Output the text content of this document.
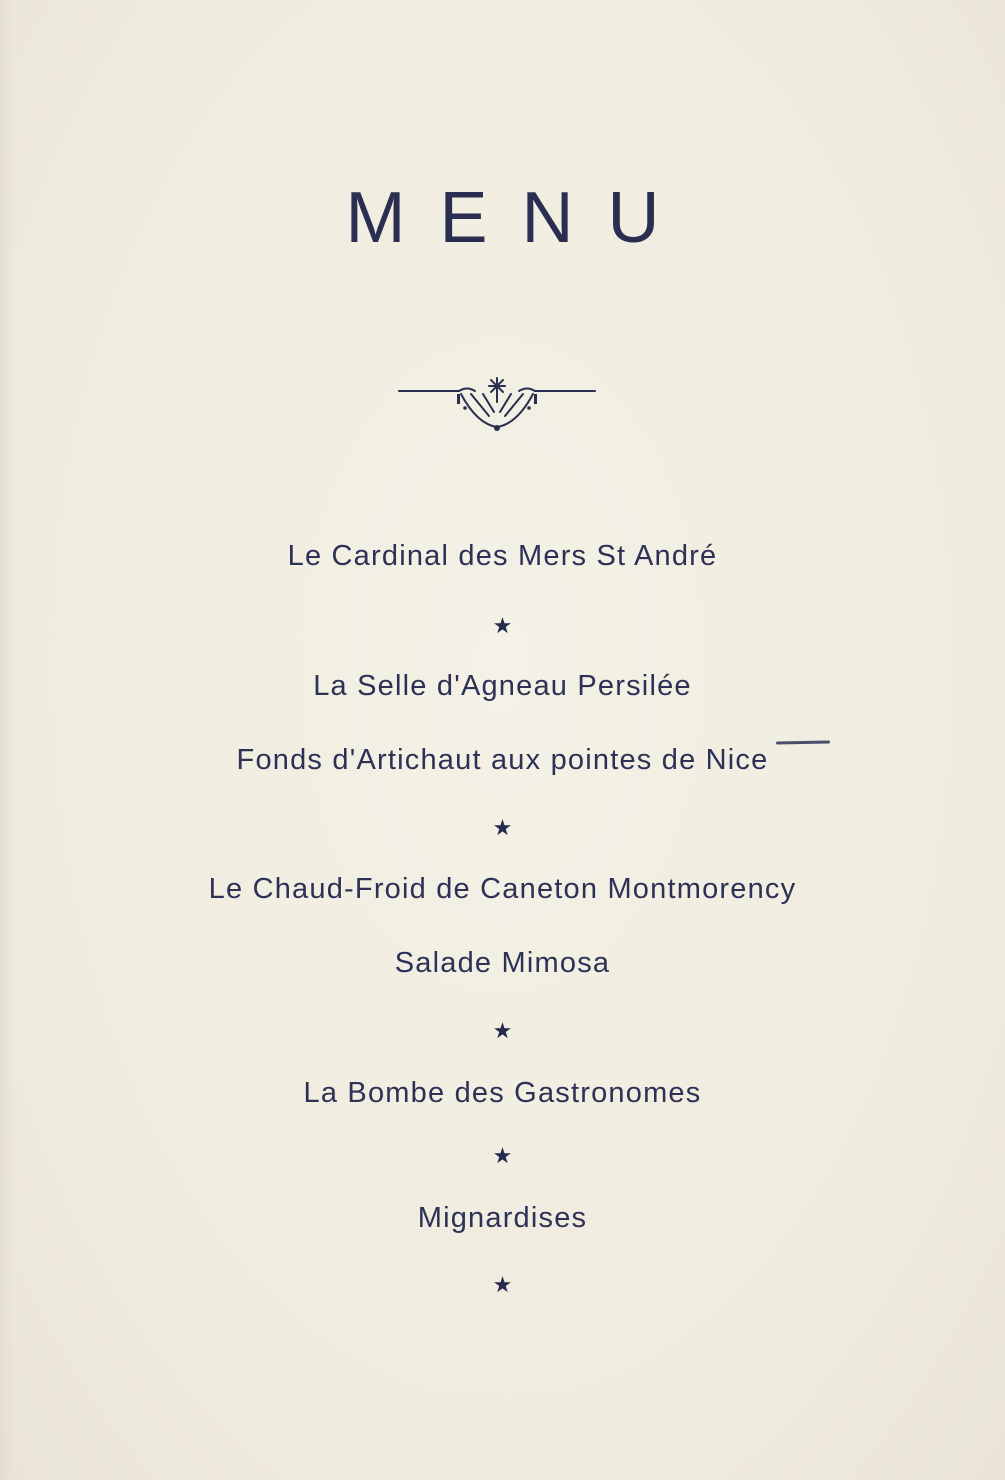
MENU
Le Cardinal des Mers St André
★
La Selle d'Agneau Persilée
Fonds d'Artichaut aux pointes de Nice
★
Le Chaud-Froid de Caneton Montmorency
Salade Mimosa
★
La Bombe des Gastronomes
★
Mignardises
★
